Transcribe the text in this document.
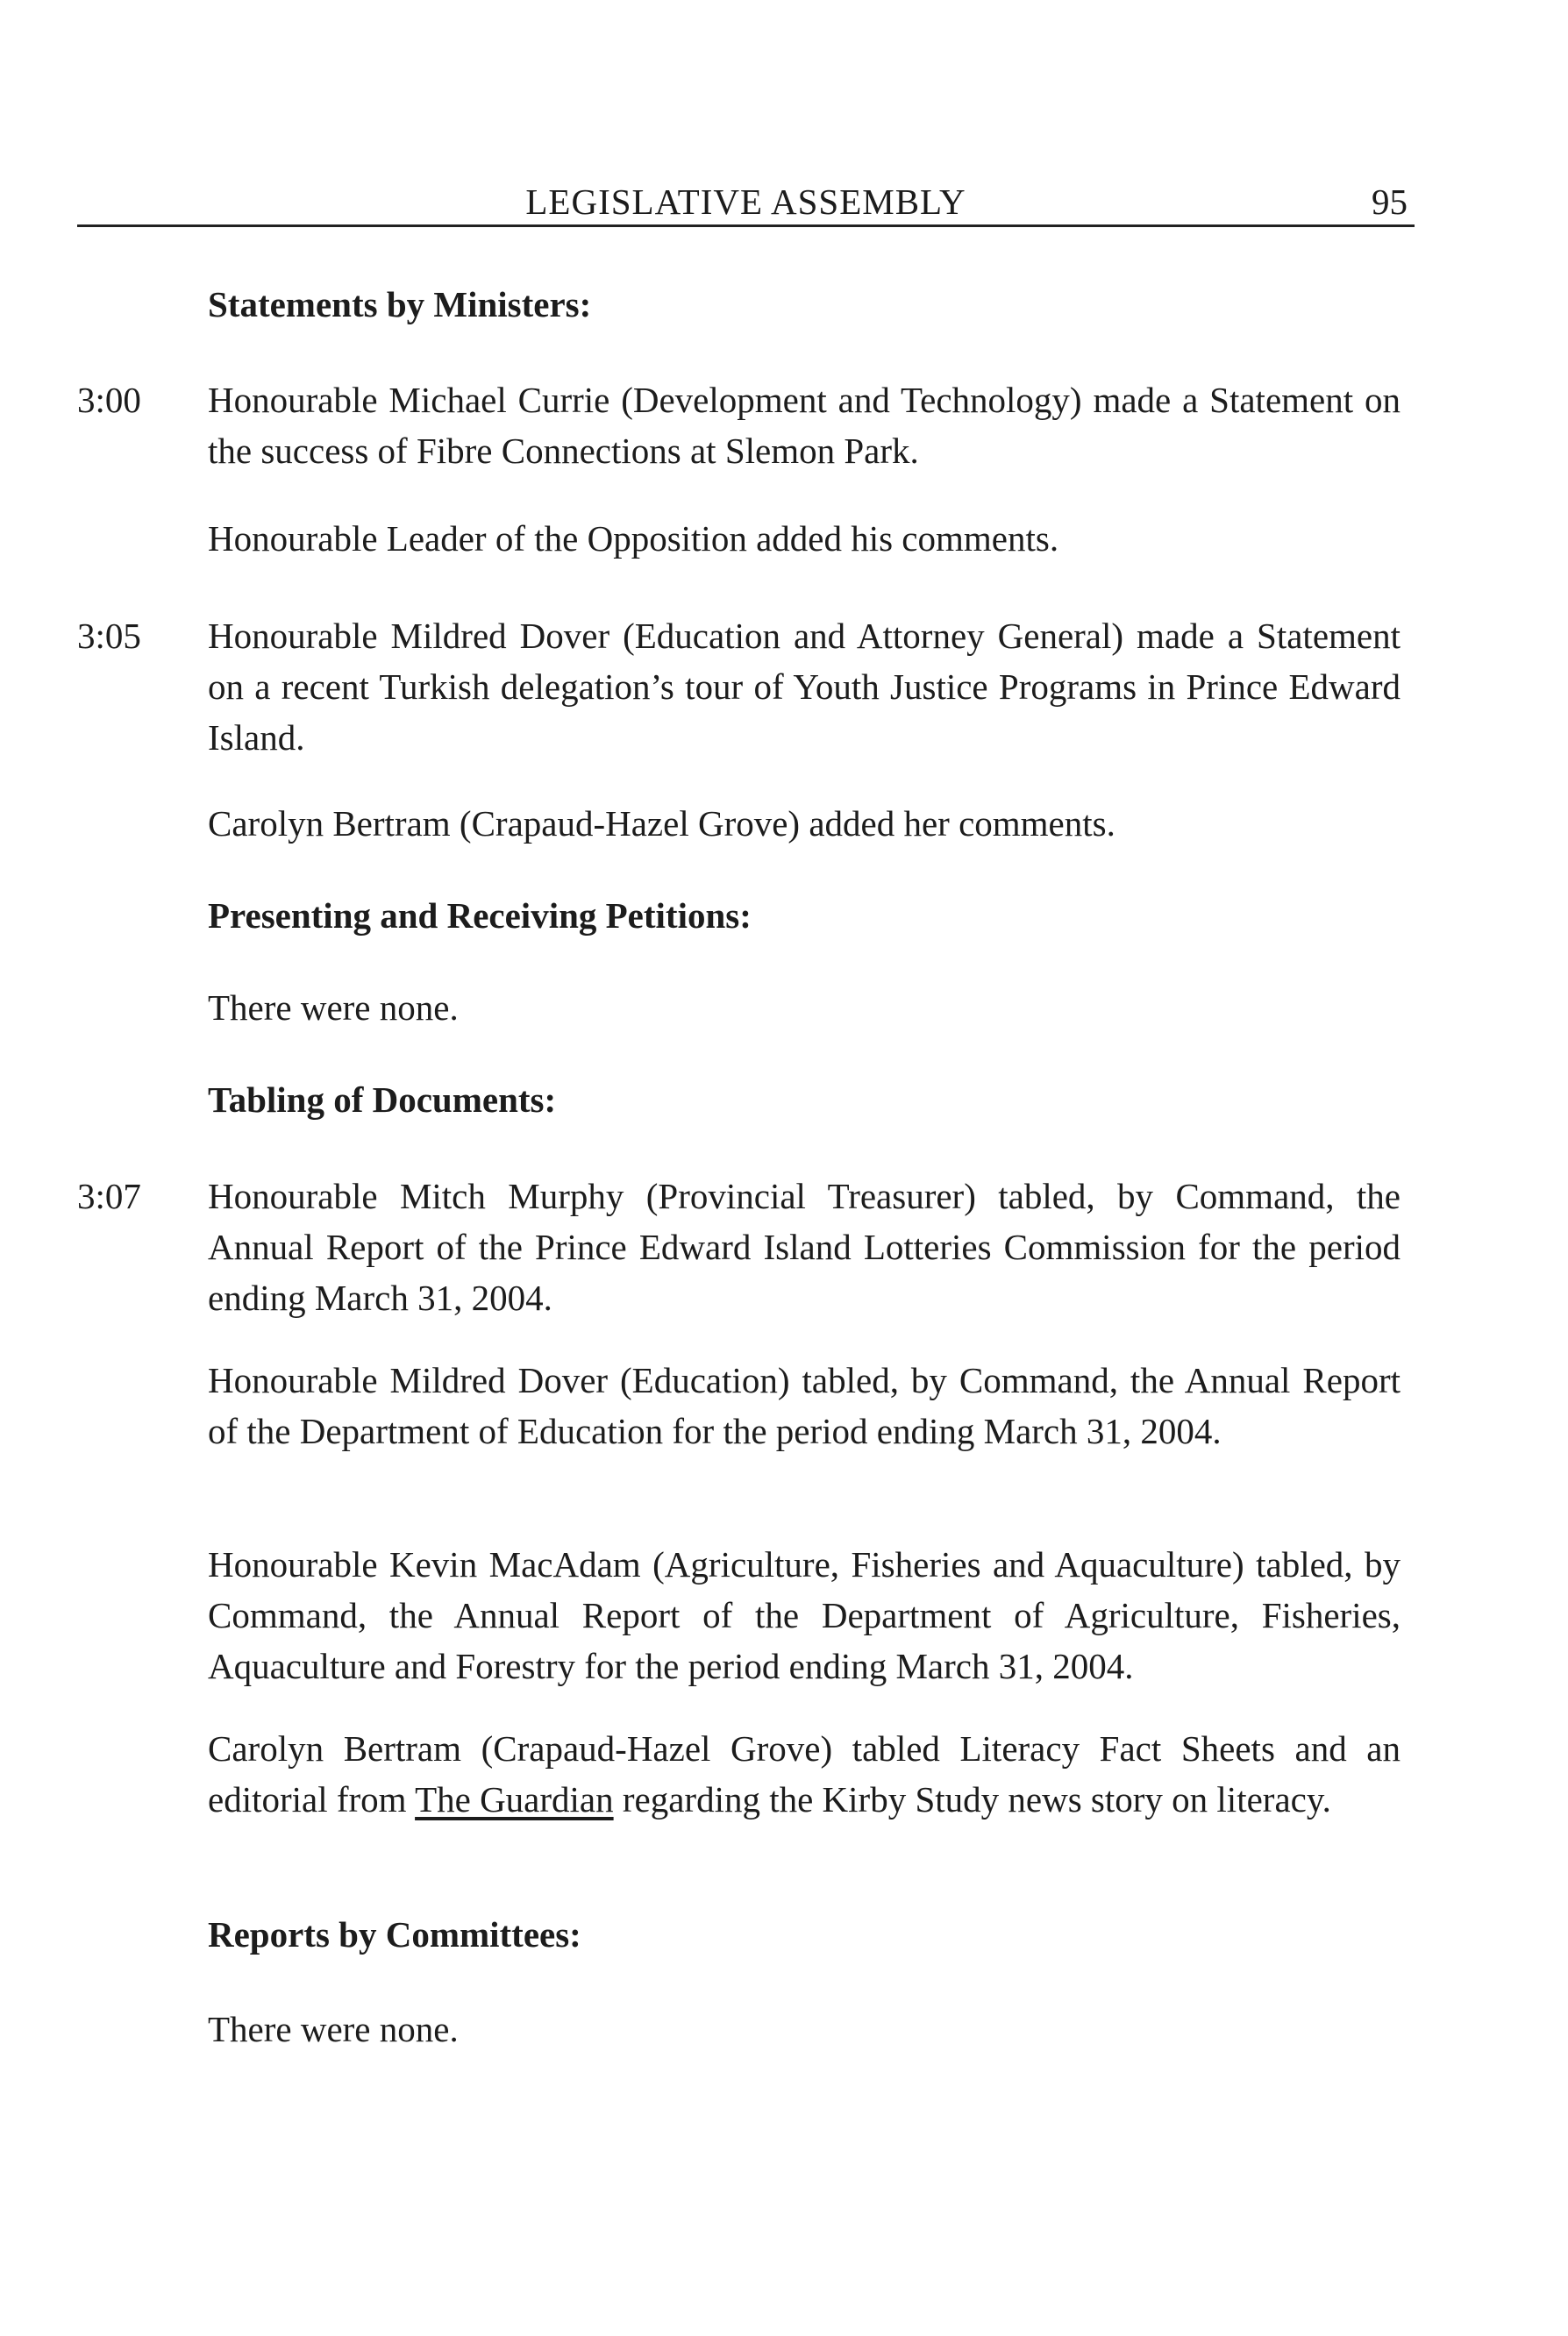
LEGISLATIVE ASSEMBLY	95
Statements by Ministers:
3:00 Honourable Michael Currie (Development and Technology) made a Statement on the success of Fibre Connections at Slemon Park.

Honourable Leader of the Opposition added his comments.

3:05 Honourable Mildred Dover (Education and Attorney General) made a Statement on a recent Turkish delegation’s tour of Youth Justice Programs in Prince Edward Island.

Carolyn Bertram (Crapaud-Hazel Grove) added her comments.

Presenting and Receiving Petitions:

There were none.

Tabling of Documents:
3:07 Honourable Mitch Murphy (Provincial Treasurer) tabled, by Command, the Annual Report of the Prince Edward Island Lotteries Commission for the period ending March 31, 2004.

Honourable Mildred Dover (Education) tabled, by Command, the Annual Report of the Department of Education for the period ending March 31, 2004.

Honourable Kevin MacAdam (Agriculture, Fisheries and Aquaculture) tabled, by Command, the Annual Report of the Department of Agriculture, Fisheries, Aquaculture and Forestry for the period ending March 31, 2004.

Carolyn Bertram (Crapaud-Hazel Grove) tabled Literacy Fact Sheets and an editorial from The Guardian regarding the Kirby Study news story on literacy.

Reports by Committees:

There were none.
